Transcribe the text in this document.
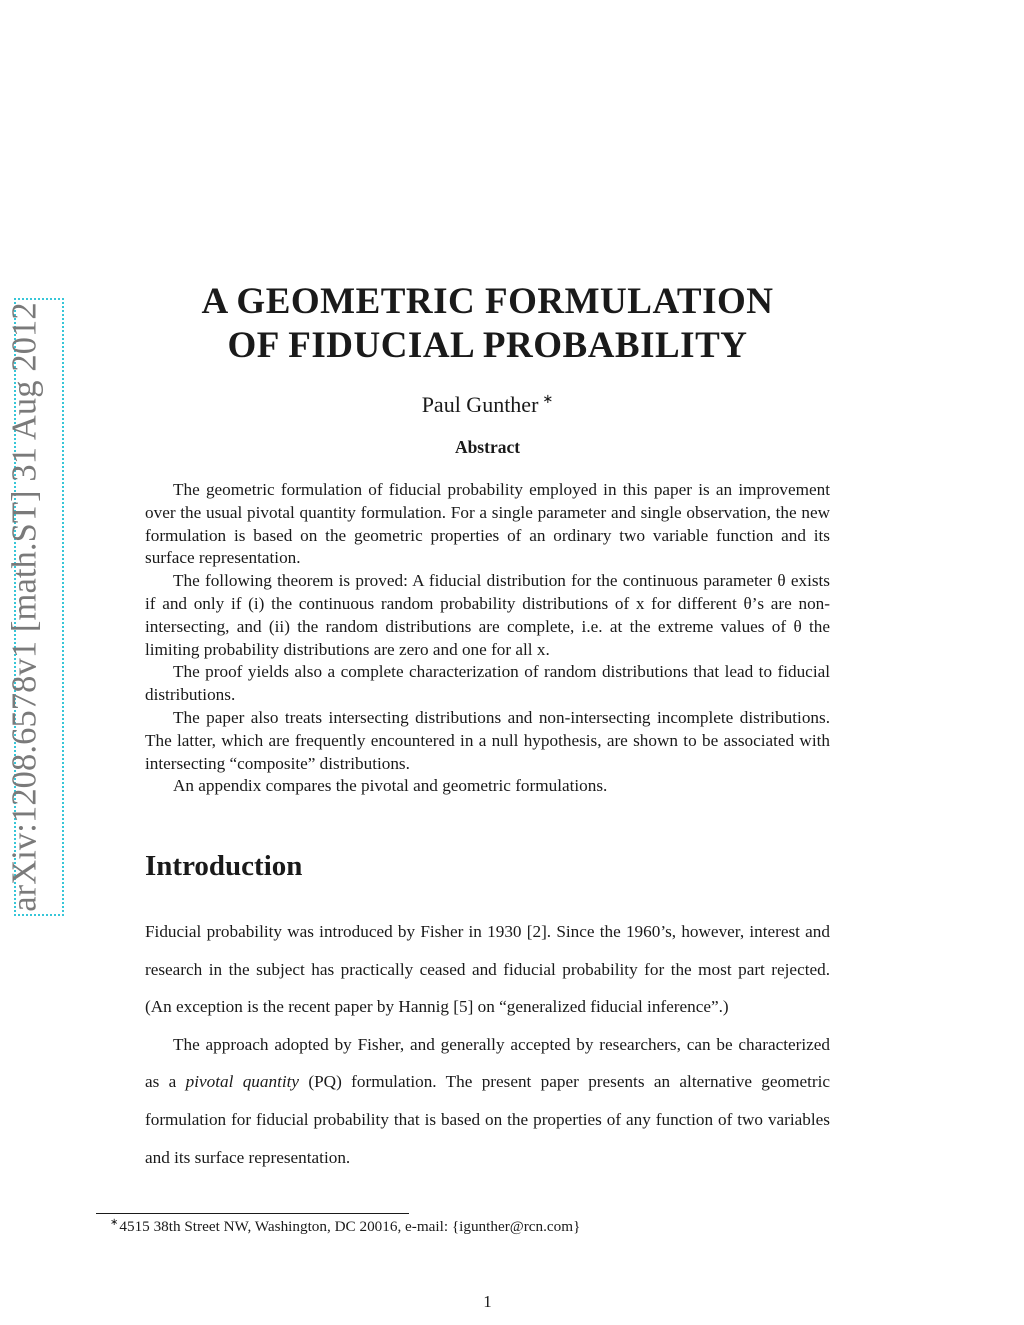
arXiv:1208.6578v1 [math.ST] 31 Aug 2012
A GEOMETRIC FORMULATION
OF FIDUCIAL PROBABILITY
Paul Gunther ∗
Abstract

The geometric formulation of fiducial probability employed in this paper is an improvement over the usual pivotal quantity formulation. For a single parameter and single observation, the new formulation is based on the geometric properties of an ordinary two variable function and its surface representation.

The following theorem is proved: A fiducial distribution for the continuous parameter θ exists if and only if (i) the continuous random probability distributions of x for different θ’s are non-intersecting, and (ii) the random distributions are complete, i.e. at the extreme values of θ the limiting probability distributions are zero and one for all x.

The proof yields also a complete characterization of random distributions that lead to fiducial distributions.

The paper also treats intersecting distributions and non-intersecting incomplete distributions. The latter, which are frequently encountered in a null hypothesis, are shown to be associated with intersecting “composite” distributions.

An appendix compares the pivotal and geometric formulations.

Introduction

Fiducial probability was introduced by Fisher in 1930 [2]. Since the 1960’s, however, interest and research in the subject has practically ceased and fiducial probability for the most part rejected. (An exception is the recent paper by Hannig [5] on “generalized fiducial inference”.)

The approach adopted by Fisher, and generally accepted by researchers, can be characterized as a pivotal quantity (PQ) formulation. The present paper presents an alternative geometric formulation for fiducial probability that is based on the properties of any function of two variables and its surface representation.

∗4515 38th Street NW, Washington, DC 20016, e-mail: {igunther@rcn.com}
1
